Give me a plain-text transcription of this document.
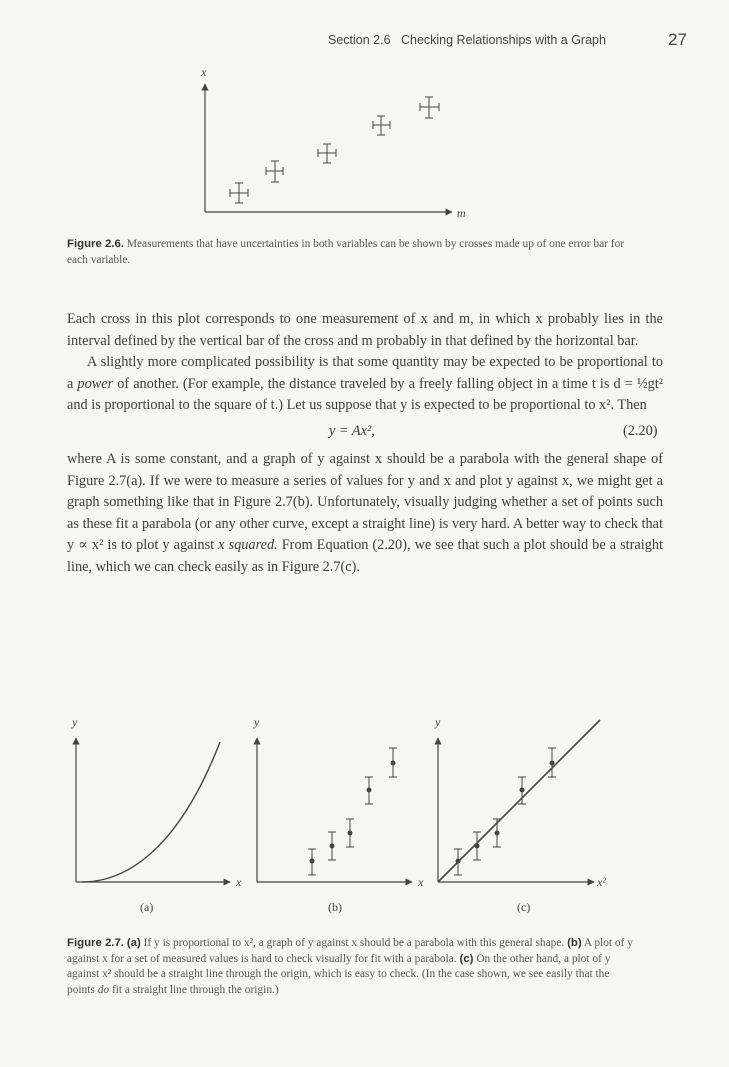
Section 2.6 Checking Relationships with a Graph	27
x
m
Figure 2.6. Measurements that have uncertainties in both variables can be shown by crosses made up of one error bar for each variable.

Each cross in this plot corresponds to one measurement of x and m, in which x probably lies in the interval defined by the vertical bar of the cross and m probably in that defined by the horizontal bar.

A slightly more complicated possibility is that some quantity may be expected to be proportional to a power of another. (For example, the distance traveled by a freely falling object in a time t is d = ½gt² and is proportional to the square of t.) Let us suppose that y is expected to be proportional to x². Then

y = Ax²,	(2.20)

where A is some constant, and a graph of y against x should be a parabola with the general shape of Figure 2.7(a). If we were to measure a series of values for y and x and plot y against x, we might get a graph something like that in Figure 2.7(b). Unfortunately, visually judging whether a set of points such as these fit a parabola (or any other curve, except a straight line) is very hard. A better way to check that y ∝ x² is to plot y against x squared. From Equation (2.20), we see that such a plot should be a straight line, which we can check easily as in Figure 2.7(c).

y
x
(a)
y
x
(b)
y
x²
(c)
Figure 2.7. (a) If y is proportional to x², a graph of y against x should be a parabola with this general shape. (b) A plot of y against x for a set of measured values is hard to check visually for fit with a parabola. (c) On the other hand, a plot of y against x² should be a straight line through the origin, which is easy to check. (In the case shown, we see easily that the points do fit a straight line through the origin.)
